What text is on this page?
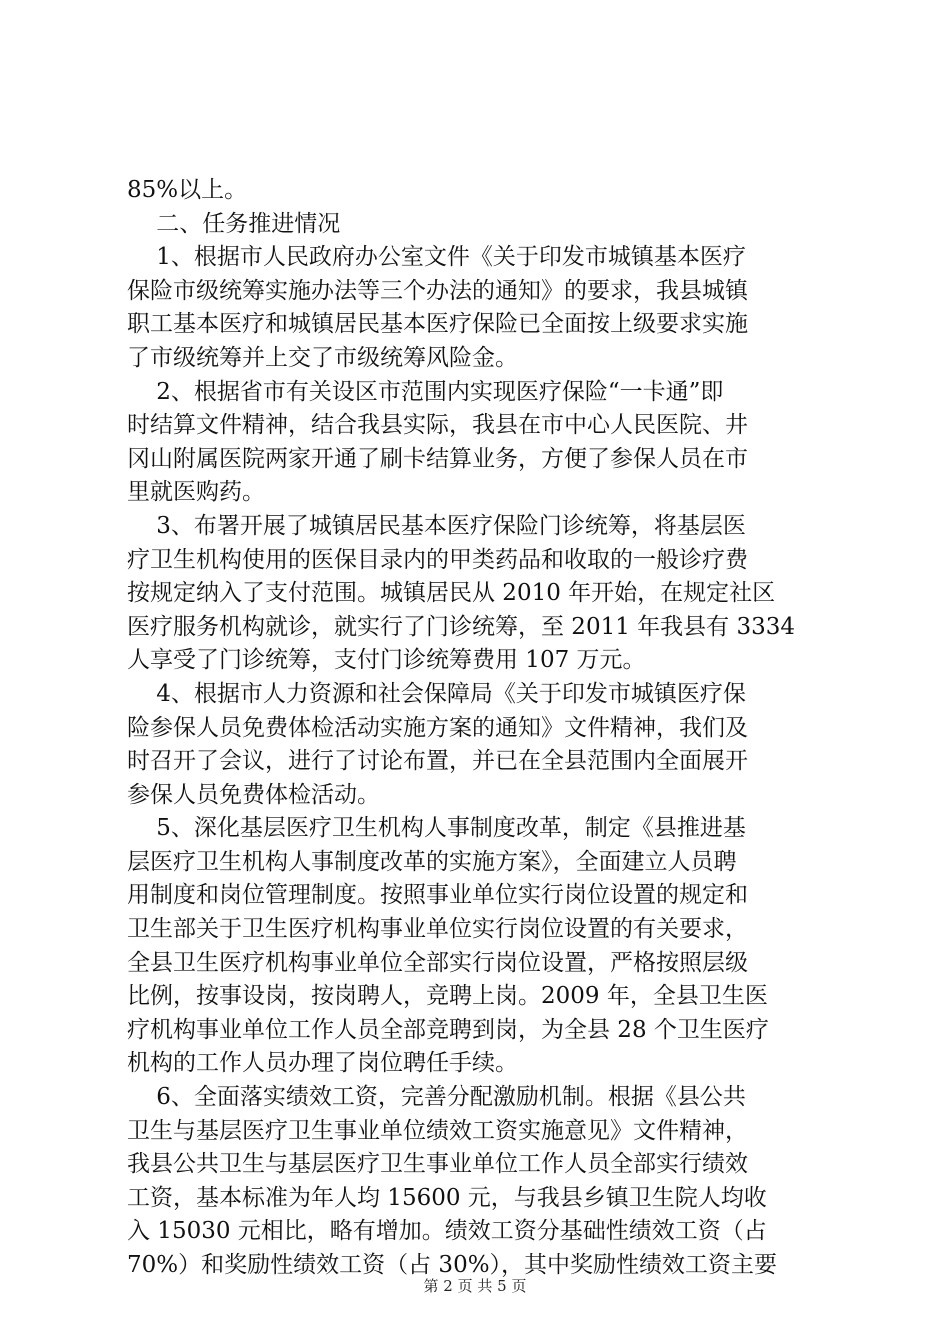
85%以上。
二、任务推进情况
1、根据市人民政府办公室文件《关于印发市城镇基本医疗
保险市级统筹实施办法等三个办法的通知》的要求，我县城镇
职工基本医疗和城镇居民基本医疗保险已全面按上级要求实施
了市级统筹并上交了市级统筹风险金。
2、根据省市有关设区市范围内实现医疗保险“一卡通”即
时结算文件精神，结合我县实际，我县在市中心人民医院、井
冈山附属医院两家开通了刷卡结算业务，方便了参保人员在市
里就医购药。
3、布署开展了城镇居民基本医疗保险门诊统筹，将基层医
疗卫生机构使用的医保目录内的甲类药品和收取的一般诊疗费
按规定纳入了支付范围。城镇居民从 2010 年开始，在规定社区
医疗服务机构就诊，就实行了门诊统筹，至 2011 年我县有 3334
人享受了门诊统筹，支付门诊统筹费用 107 万元。
4、根据市人力资源和社会保障局《关于印发市城镇医疗保
险参保人员免费体检活动实施方案的通知》文件精神，我们及
时召开了会议，进行了讨论布置，并已在全县范围内全面展开
参保人员免费体检活动。
5、深化基层医疗卫生机构人事制度改革，制定《县推进基
层医疗卫生机构人事制度改革的实施方案》，全面建立人员聘
用制度和岗位管理制度。按照事业单位实行岗位设置的规定和
卫生部关于卫生医疗机构事业单位实行岗位设置的有关要求，
全县卫生医疗机构事业单位全部实行岗位设置，严格按照层级
比例，按事设岗，按岗聘人，竞聘上岗。2009 年，全县卫生医
疗机构事业单位工作人员全部竞聘到岗，为全县 28 个卫生医疗
机构的工作人员办理了岗位聘任手续。
6、全面落实绩效工资，完善分配激励机制。根据《县公共
卫生与基层医疗卫生事业单位绩效工资实施意见》文件精神，
我县公共卫生与基层医疗卫生事业单位工作人员全部实行绩效
工资，基本标准为年人均 15600 元，与我县乡镇卫生院人均收
入 15030 元相比，略有增加。绩效工资分基础性绩效工资（占
70%）和奖励性绩效工资（占 30%），其中奖励性绩效工资主要
第 2 页 共 5 页
